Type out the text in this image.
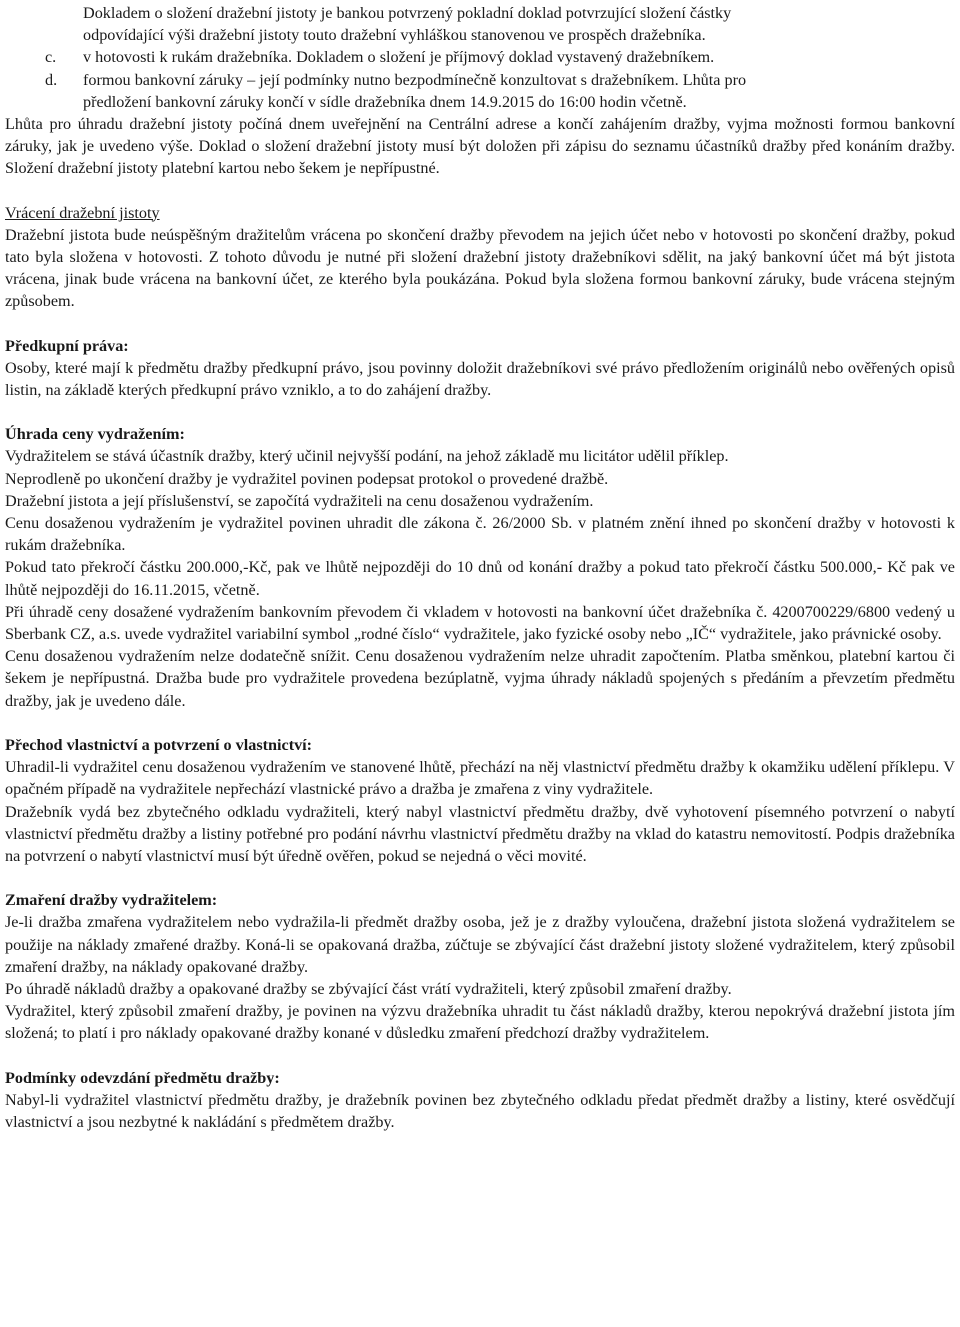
Dokladem o složení dražební jistoty je bankou potvrzený pokladní doklad potvrzující složení částky

odpovídající výši dražební jistoty touto dražební vyhláškou stanovenou ve prospěch dražebníka.

c.	v hotovosti k rukám dražebníka. Dokladem o složení je příjmový doklad vystavený dražebníkem.
d.	formou bankovní záruky – její podmínky nutno bezpodmínečně konzultovat s dražebníkem. Lhůta pro
předložení bankovní záruky končí v sídle dražebníka dnem 14.9.2015 do 16:00 hodin včetně.

Lhůta pro úhradu dražební jistoty počíná dnem uveřejnění na Centrální adrese a končí zahájením dražby, vyjma možnosti formou bankovní záruky, jak je uvedeno výše. Doklad o složení dražební jistoty musí být doložen při zápisu do seznamu účastníků dražby před konáním dražby. Složení dražební jistoty platební kartou nebo šekem je nepřípustné.

Vrácení dražební jistoty

Dražební jistota bude neúspěšným dražitelům vrácena po skončení dražby převodem na jejich účet nebo v hotovosti po skončení dražby, pokud tato byla složena v hotovosti. Z tohoto důvodu je nutné při složení dražební jistoty dražebníkovi sdělit, na jaký bankovní účet má být jistota vrácena, jinak bude vrácena na bankovní účet, ze kterého byla poukázána. Pokud byla složena formou bankovní záruky, bude vrácena stejným způsobem.

Předkupní práva:

Osoby, které mají k předmětu dražby předkupní právo, jsou povinny doložit dražebníkovi své právo předložením originálů nebo ověřených opisů listin, na základě kterých předkupní právo vzniklo, a to do zahájení dražby.

Úhrada ceny vydražením:

Vydražitelem se stává účastník dražby, který učinil nejvyšší podání, na jehož základě mu licitátor udělil příklep.

Neprodleně po ukončení dražby je vydražitel povinen podepsat protokol o provedené dražbě.

Dražební jistota a její příslušenství, se započítá vydražiteli na cenu dosaženou vydražením.

Cenu dosaženou vydražením je vydražitel povinen uhradit dle zákona č. 26/2000 Sb. v platném znění ihned po skončení dražby v hotovosti k rukám dražebníka.

Pokud tato překročí částku 200.000,-Kč, pak ve lhůtě nejpozději do 10 dnů od konání dražby a pokud tato překročí částku 500.000,- Kč pak ve lhůtě nejpozději do 16.11.2015, včetně.

Při úhradě ceny dosažené vydražením bankovním převodem či vkladem v hotovosti na bankovní účet dražebníka č. 4200700229/6800 vedený u Sberbank CZ, a.s. uvede vydražitel variabilní symbol „rodné číslo“ vydražitele, jako fyzické osoby nebo „IČ“ vydražitele, jako právnické osoby.

Cenu dosaženou vydražením nelze dodatečně snížit. Cenu dosaženou vydražením nelze uhradit započtením. Platba směnkou, platební kartou či šekem je nepřípustná. Dražba bude pro vydražitele provedena bezúplatně, vyjma úhrady nákladů spojených s předáním a převzetím předmětu dražby, jak je uvedeno dále.

Přechod vlastnictví a potvrzení o vlastnictví:

Uhradil-li vydražitel cenu dosaženou vydražením ve stanovené lhůtě, přechází na něj vlastnictví předmětu dražby k okamžiku udělení příklepu. V opačném případě na vydražitele nepřechází vlastnické právo a dražba je zmařena z viny vydražitele.

Dražebník vydá bez zbytečného odkladu vydražiteli, který nabyl vlastnictví předmětu dražby, dvě vyhotovení písemného potvrzení o nabytí vlastnictví předmětu dražby a listiny potřebné pro podání návrhu vlastnictví předmětu dražby na vklad do katastru nemovitostí. Podpis dražebníka na potvrzení o nabytí vlastnictví musí být úředně ověřen, pokud se nejedná o věci movité.

Zmaření dražby vydražitelem:

Je-li dražba zmařena vydražitelem nebo vydražila-li předmět dražby osoba, jež je z dražby vyloučena, dražební jistota složená vydražitelem se použije na náklady zmařené dražby. Koná-li se opakovaná dražba, zúčtuje se zbývající část dražební jistoty složené vydražitelem, který způsobil zmaření dražby, na náklady opakované dražby.

Po úhradě nákladů dražby a opakované dražby se zbývající část vrátí vydražiteli, který způsobil zmaření dražby.

Vydražitel, který způsobil zmaření dražby, je povinen na výzvu dražebníka uhradit tu část nákladů dražby, kterou nepokrývá dražební jistota jím složená; to platí i pro náklady opakované dražby konané v důsledku zmaření předchozí dražby vydražitelem.

Podmínky odevzdání předmětu dražby:

Nabyl-li vydražitel vlastnictví předmětu dražby, je dražebník povinen bez zbytečného odkladu předat předmět dražby a listiny, které osvědčují vlastnictví a jsou nezbytné k nakládání s předmětem dražby.
